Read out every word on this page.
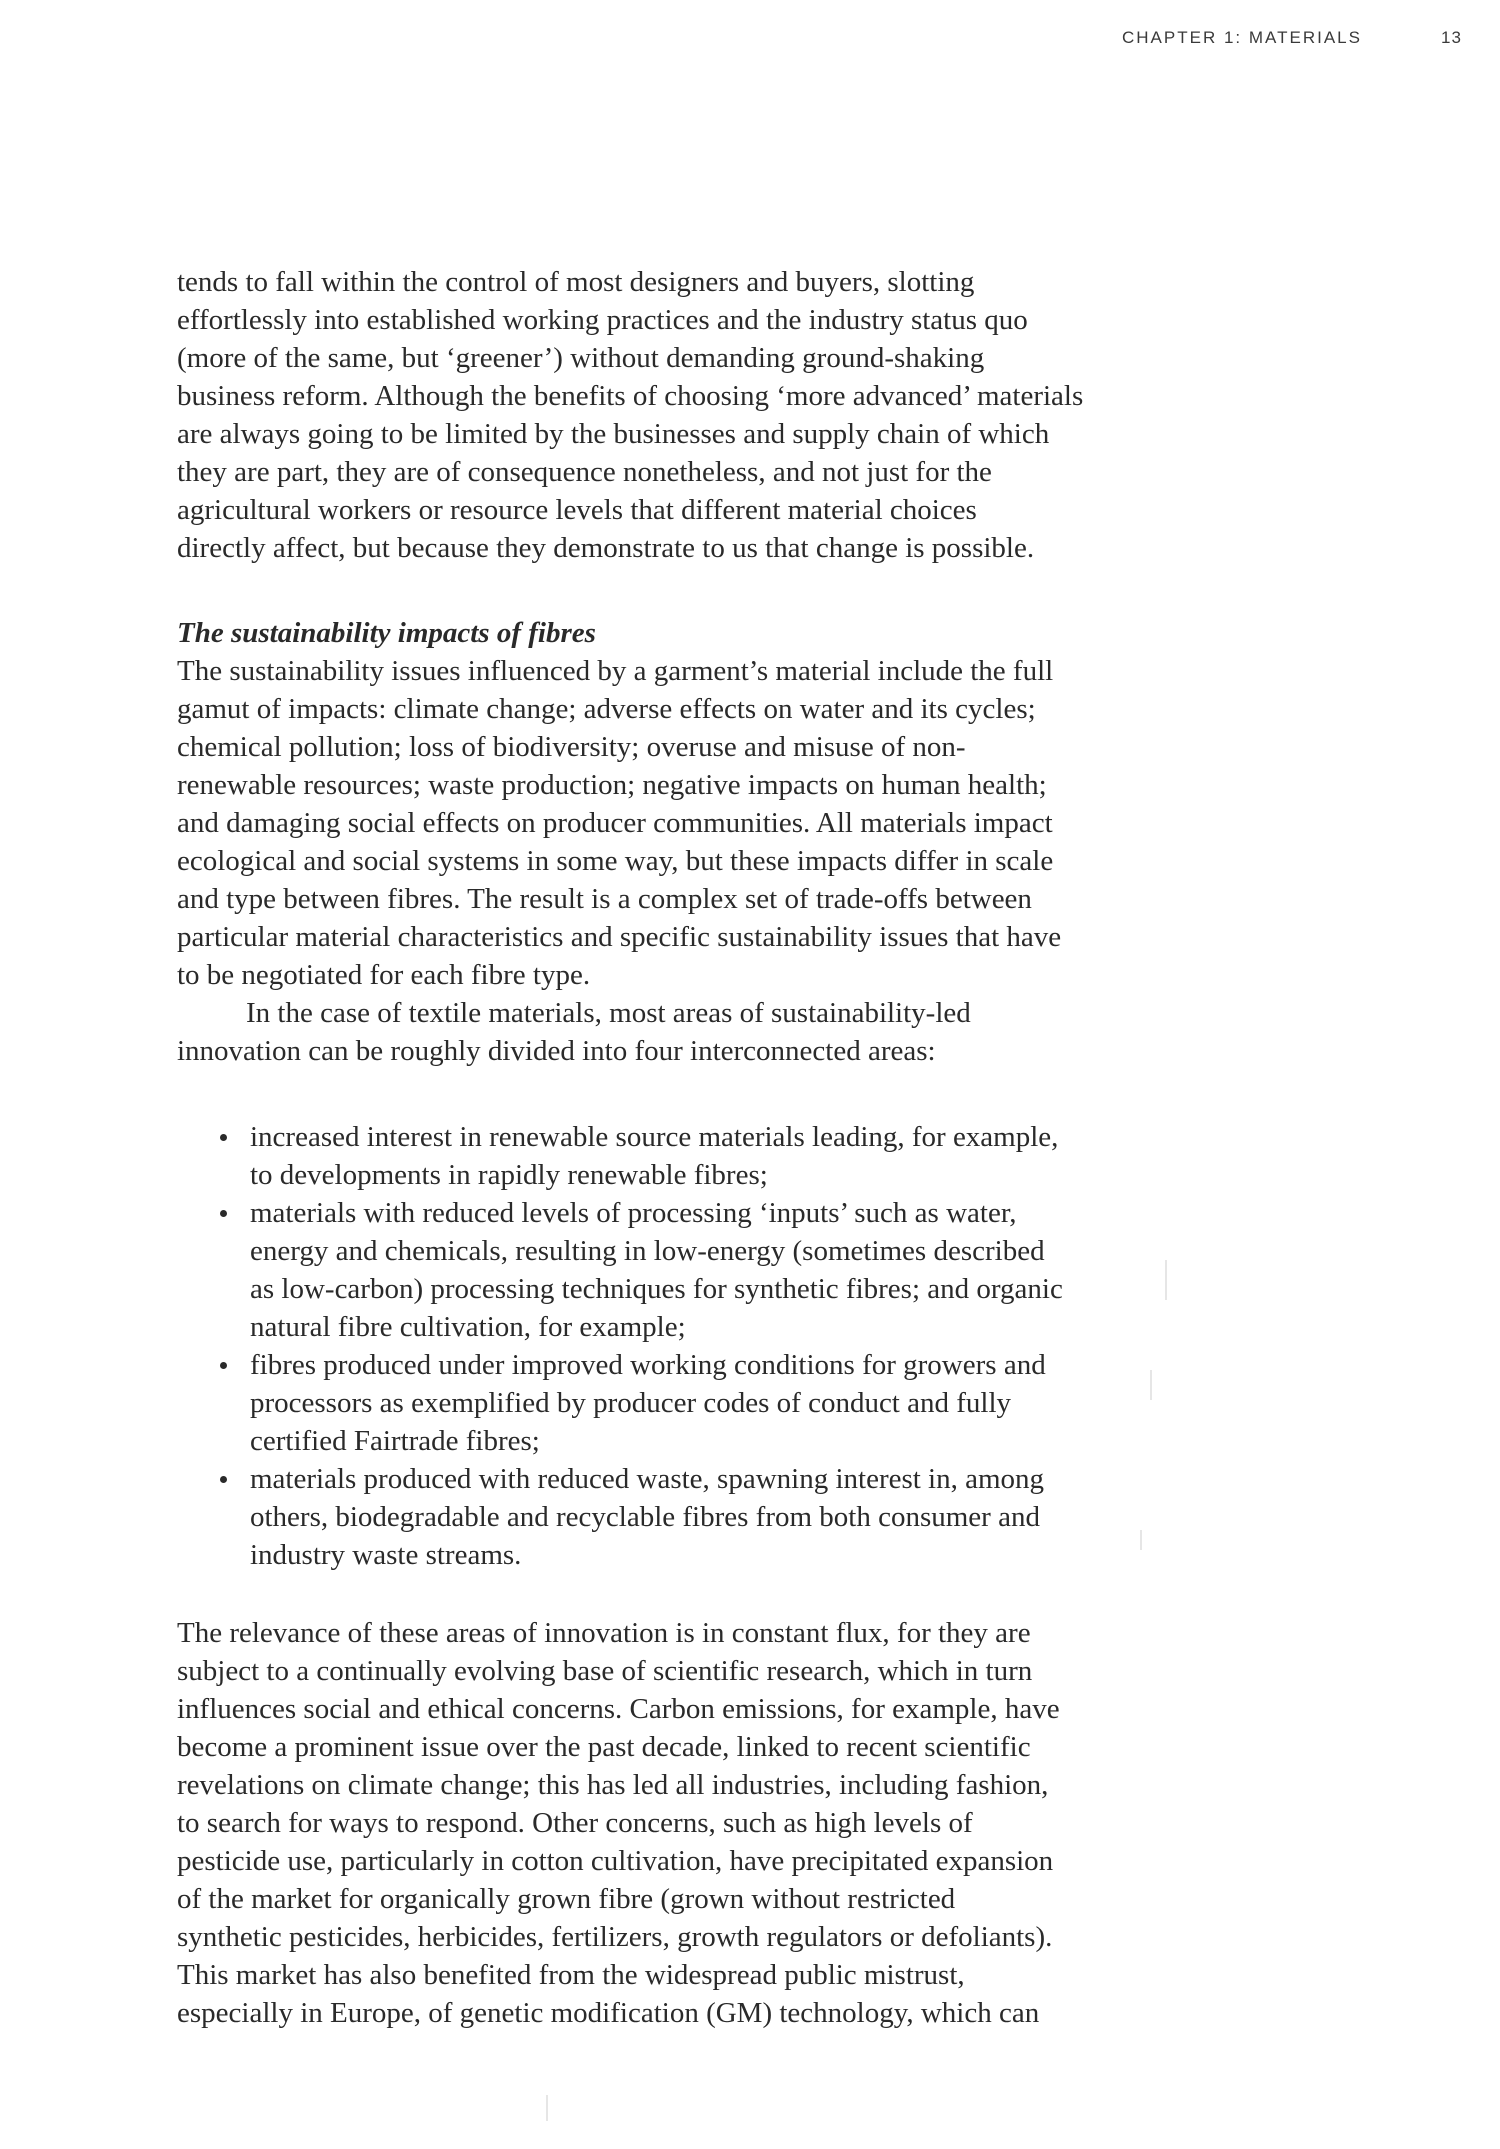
CHAPTER 1: MATERIALS	13
tends to fall within the control of most designers and buyers, slotting
effortlessly into established working practices and the industry status quo
(more of the same, but ‘greener’) without demanding ground-shaking
business reform. Although the benefits of choosing ‘more advanced’ materials
are always going to be limited by the businesses and supply chain of which
they are part, they are of consequence nonetheless, and not just for the
agricultural workers or resource levels that different material choices
directly affect, but because they demonstrate to us that change is possible.
The sustainability impacts of fibres
The sustainability issues influenced by a garment’s material include the full
gamut of impacts: climate change; adverse effects on water and its cycles;
chemical pollution; loss of biodiversity; overuse and misuse of non-
renewable resources; waste production; negative impacts on human health;
and damaging social effects on producer communities. All materials impact
ecological and social systems in some way, but these impacts differ in scale
and type between fibres. The result is a complex set of trade-offs between
particular material characteristics and specific sustainability issues that have
to be negotiated for each fibre type.
In the case of textile materials, most areas of sustainability-led
innovation can be roughly divided into four interconnected areas:
increased interest in renewable source materials leading, for example,
to developments in rapidly renewable fibres;
materials with reduced levels of processing ‘inputs’ such as water,
energy and chemicals, resulting in low-energy (sometimes described
as low-carbon) processing techniques for synthetic fibres; and organic
natural fibre cultivation, for example;
fibres produced under improved working conditions for growers and
processors as exemplified by producer codes of conduct and fully
certified Fairtrade fibres;
materials produced with reduced waste, spawning interest in, among
others, biodegradable and recyclable fibres from both consumer and
industry waste streams.
The relevance of these areas of innovation is in constant flux, for they are
subject to a continually evolving base of scientific research, which in turn
influences social and ethical concerns. Carbon emissions, for example, have
become a prominent issue over the past decade, linked to recent scientific
revelations on climate change; this has led all industries, including fashion,
to search for ways to respond. Other concerns, such as high levels of
pesticide use, particularly in cotton cultivation, have precipitated expansion
of the market for organically grown fibre (grown without restricted
synthetic pesticides, herbicides, fertilizers, growth regulators or defoliants).
This market has also benefited from the widespread public mistrust,
especially in Europe, of genetic modification (GM) technology, which can
